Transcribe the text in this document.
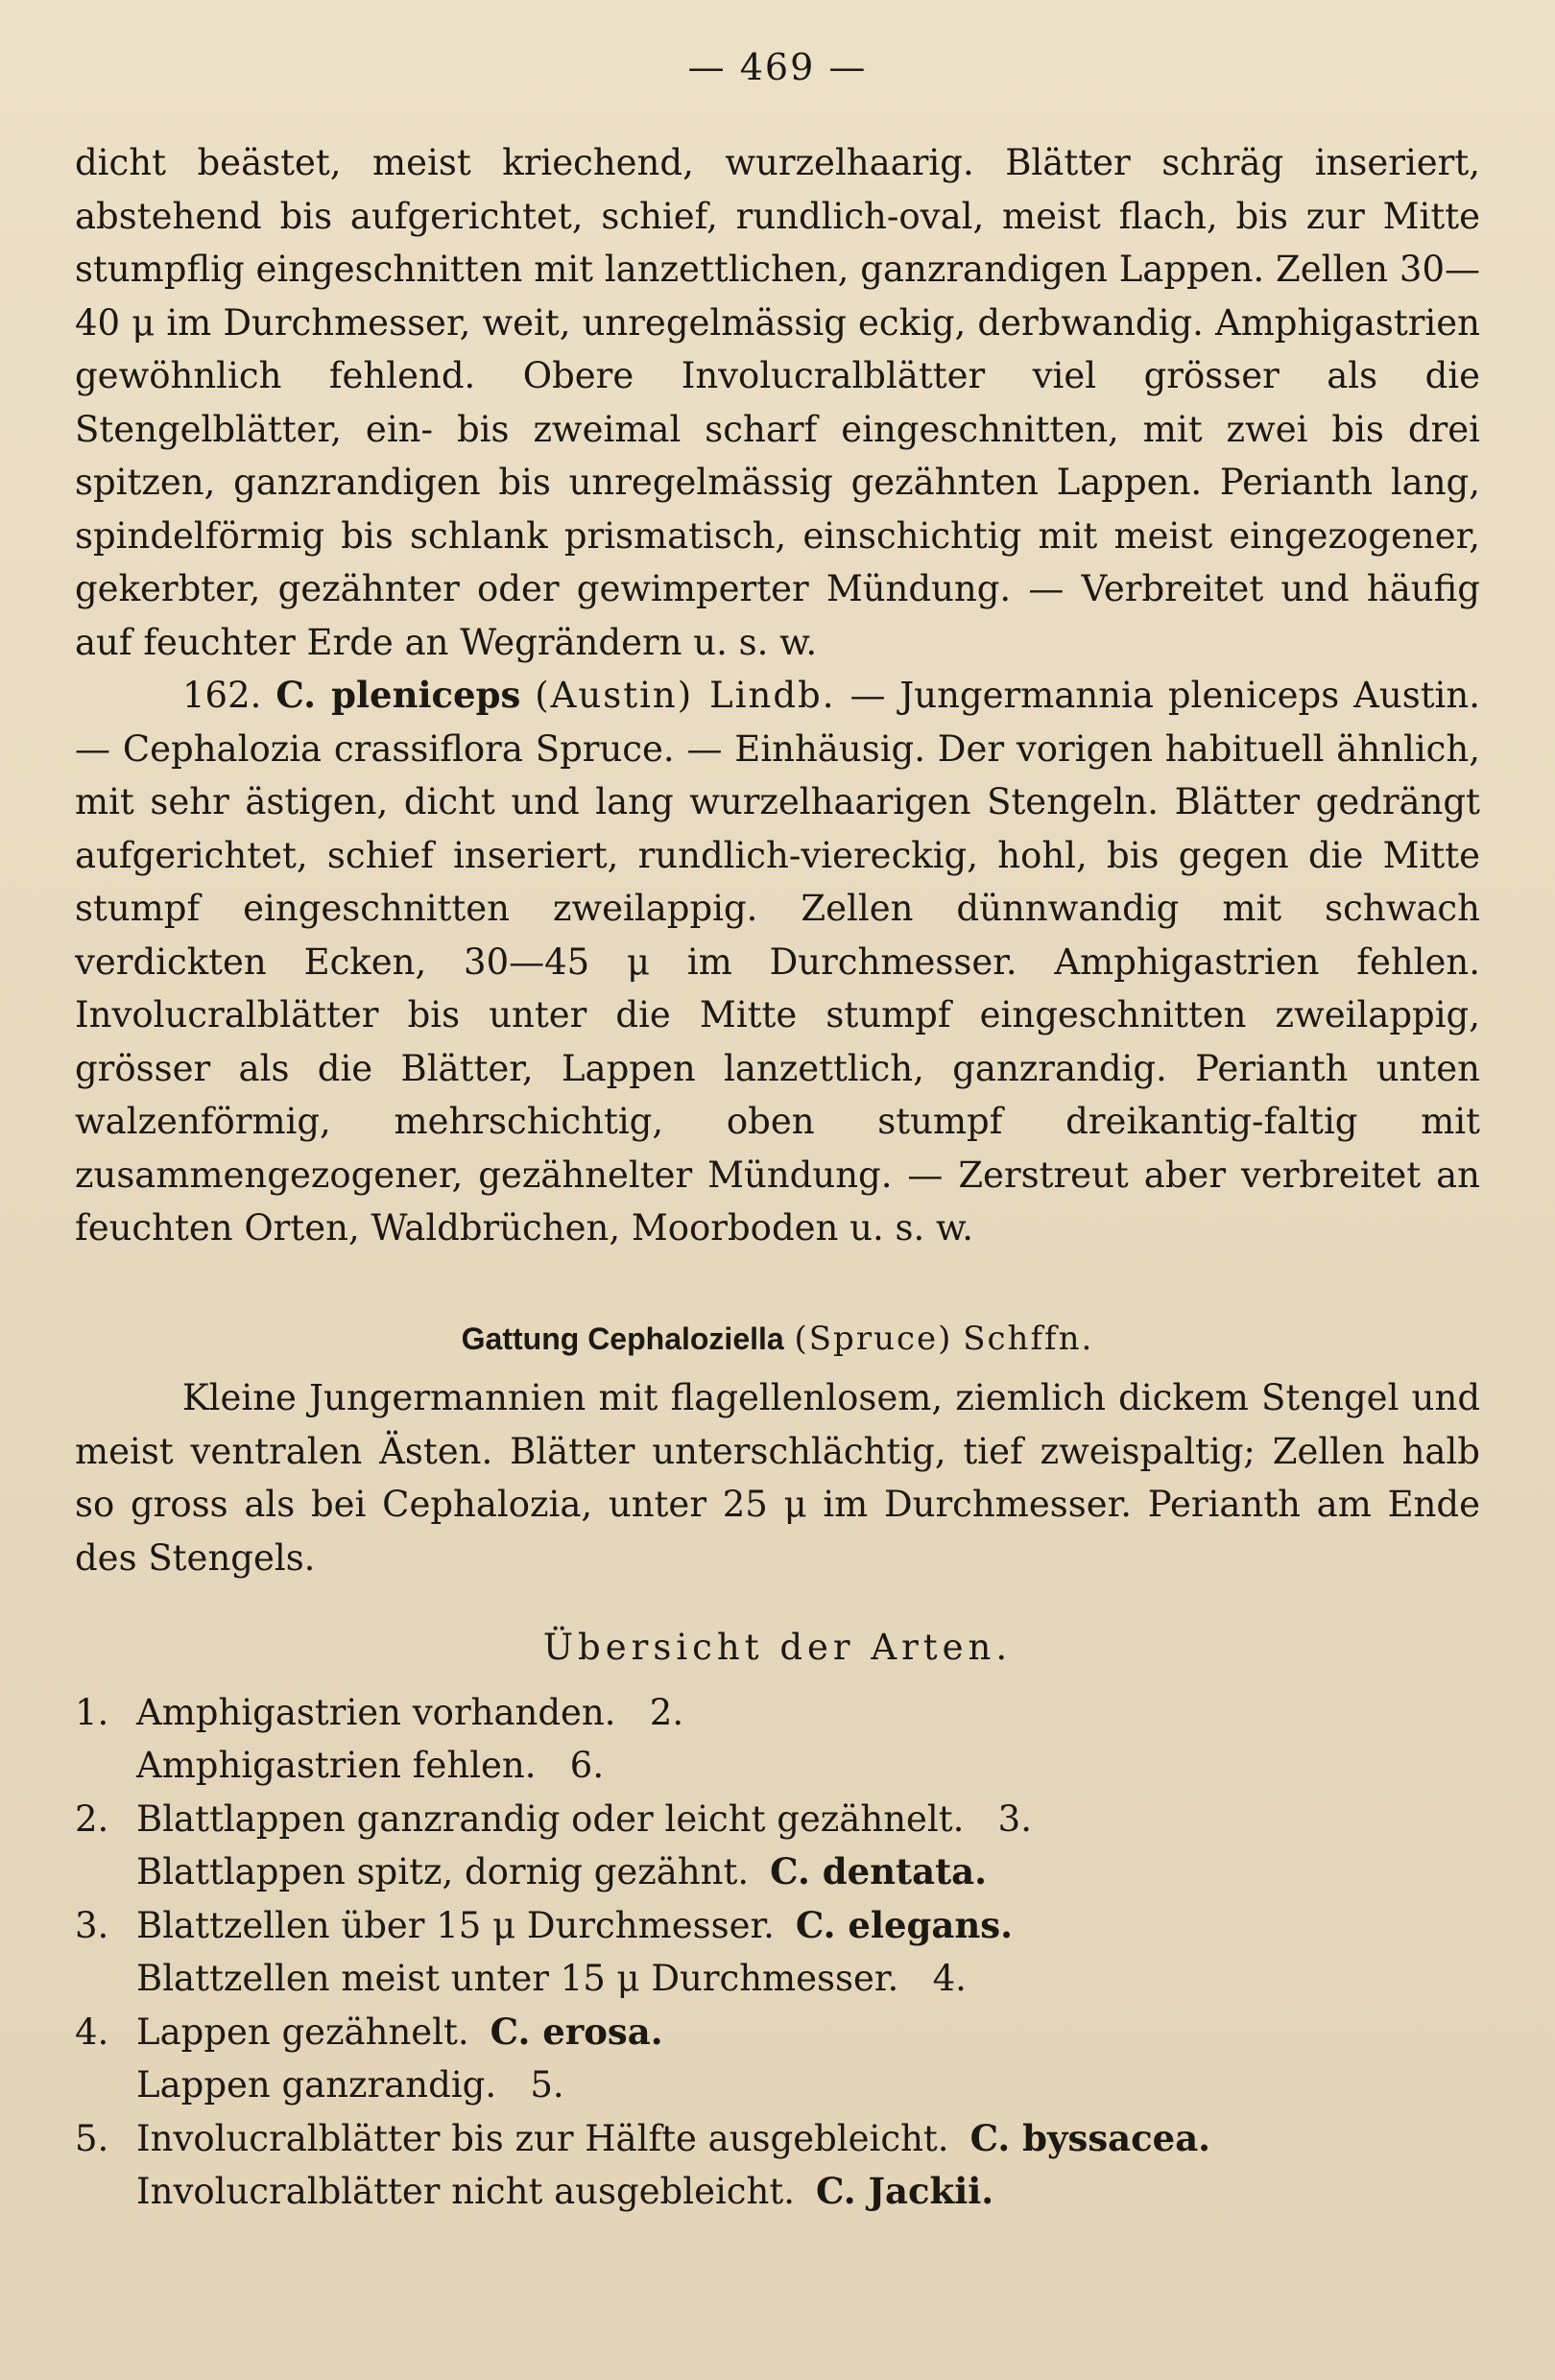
— 469 —

dicht beästet, meist kriechend, wurzelhaarig. Blätter schräg inseriert, abstehend bis aufgerichtet, schief, rundlich-oval, meist flach, bis zur Mitte stumpflig eingeschnitten mit lanzettlichen, ganzrandigen Lappen. Zellen 30—40 μ im Durchmesser, weit, unregelmässig eckig, derbwandig. Amphigastrien gewöhnlich fehlend. Obere Involucralblätter viel grösser als die Stengelblätter, ein- bis zweimal scharf eingeschnitten, mit zwei bis drei spitzen, ganzrandigen bis unregelmässig gezähnten Lappen. Perianth lang, spindelförmig bis schlank prismatisch, einschichtig mit meist eingezogener, gekerbter, gezähnter oder gewimperter Mündung. — Verbreitet und häufig auf feuchter Erde an Wegrändern u. s. w.

162. C. pleniceps (Austin) Lindb. — Jungermannia pleniceps Austin. — Cephalozia crassiflora Spruce. — Einhäusig. Der vorigen habituell ähnlich, mit sehr ästigen, dicht und lang wurzelhaarigen Stengeln. Blätter gedrängt aufgerichtet, schief inseriert, rundlich-viereckig, hohl, bis gegen die Mitte stumpf eingeschnitten zweilappig. Zellen dünnwandig mit schwach verdickten Ecken, 30—45 μ im Durchmesser. Amphigastrien fehlen. Involucralblätter bis unter die Mitte stumpf eingeschnitten zweilappig, grösser als die Blätter, Lappen lanzettlich, ganzrandig. Perianth unten walzenförmig, mehrschichtig, oben stumpf dreikantig-faltig mit zusammengezogener, gezähnelter Mündung. — Zerstreut aber verbreitet an feuchten Orten, Waldbrüchen, Moorboden u. s. w.

Gattung Cephaloziella (Spruce) Schffn.

Kleine Jungermannien mit flagellenlosem, ziemlich dickem Stengel und meist ventralen Ästen. Blätter unterschlächtig, tief zweispaltig; Zellen halb so gross als bei Cephalozia, unter 25 μ im Durchmesser. Perianth am Ende des Stengels.

Übersicht der Arten.
1. Amphigastrien vorhanden.   2.
Amphigastrien fehlen.   6.
2. Blattlappen ganzrandig oder leicht gezähnelt.   3.
Blattlappen spitz, dornig gezähnt. C. dentata.
3. Blattzellen über 15 μ Durchmesser. C. elegans.
Blattzellen meist unter 15 μ Durchmesser.   4.
4. Lappen gezähnelt. C. erosa.
Lappen ganzrandig.   5.
5. Involucralblätter bis zur Hälfte ausgebleicht. C. byssacea.
Involucralblätter nicht ausgebleicht. C. Jackii.
